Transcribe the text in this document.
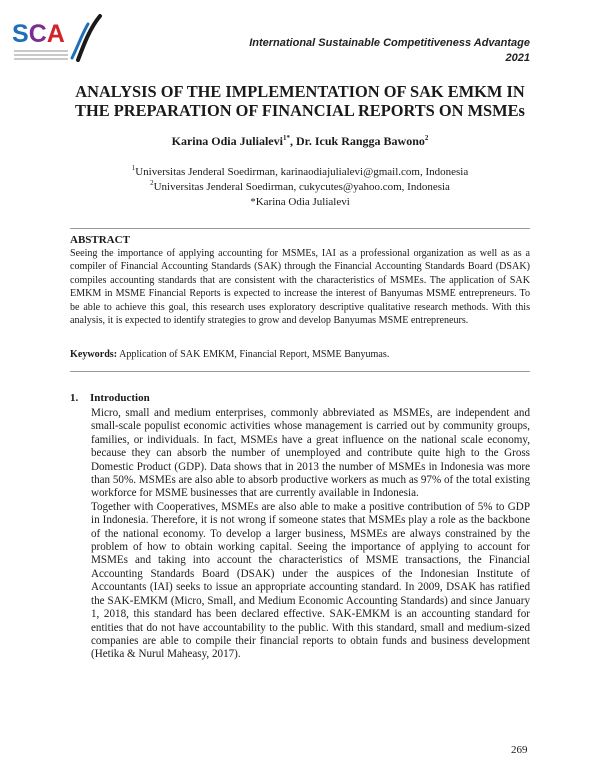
SCA	International Sustainable Competitiveness Advantage
2021
ANALYSIS OF THE IMPLEMENTATION OF SAK EMKM IN
THE PREPARATION OF FINANCIAL REPORTS ON MSMEs
Karina Odia Julialevi$^{1*}$, Dr. Icuk Rangga Bawono$^2$
$^1$Universitas Jenderal Soedirman, karinaodiajulialevi@gmail.com, Indonesia
$^2$Universitas Jenderal Soedirman, cukycutes@yahoo.com, Indonesia
*Karina Odia Julialevi
ABSTRACT
Seeing the importance of applying accounting for MSMEs, IAI as a professional organization as well as as a compiler of Financial Accounting Standards (SAK) through the Financial Accounting Standards Board (DSAK) compiles accounting standards that are consistent with the characteristics of MSMEs. The application of SAK EMKM in MSME Financial Reports is expected to increase the interest of Banyumas MSME entrepreneurs. To be able to achieve this goal, this research uses exploratory descriptive qualitative research methods. With this analysis, it is expected to identify strategies to grow and develop Banyumas MSME entrepreneurs.
Keywords: Application of SAK EMKM, Financial Report, MSME Banyumas.
1. Introduction

Micro, small and medium enterprises, commonly abbreviated as MSMEs, are independent and small-scale populist economic activities whose management is carried out by community groups, families, or individuals. In fact, MSMEs have a great influence on the national scale economy, because they can absorb the number of unemployed and contribute quite high to the Gross Domestic Product (GDP). Data shows that in 2013 the number of MSMEs in Indonesia was more than 50%. MSMEs are also able to absorb productive workers as much as 97% of the total existing workforce for MSME businesses that are currently available in Indonesia.

Together with Cooperatives, MSMEs are also able to make a positive contribution of 5% to GDP in Indonesia. Therefore, it is not wrong if someone states that MSMEs play a role as the backbone of the national economy. To develop a larger business, MSMEs are always constrained by the problem of how to obtain working capital. Seeing the importance of applying to account for MSMEs and taking into account the characteristics of MSME transactions, the Financial Accounting Standards Board (DSAK) under the auspices of the Indonesian Institute of Accountants (IAI) seeks to issue an appropriate accounting standard. In 2009, DSAK has ratified the SAK-EMKM (Micro, Small, and Medium Economic Accounting Standards) and since January 1, 2018, this standard has been declared effective. SAK-EMKM is an accounting standard for entities that do not have accountability to the public. With this standard, small and medium-sized companies are able to compile their financial reports to obtain funds and business development (Hetika & Nurul Maheasy, 2017).

269
